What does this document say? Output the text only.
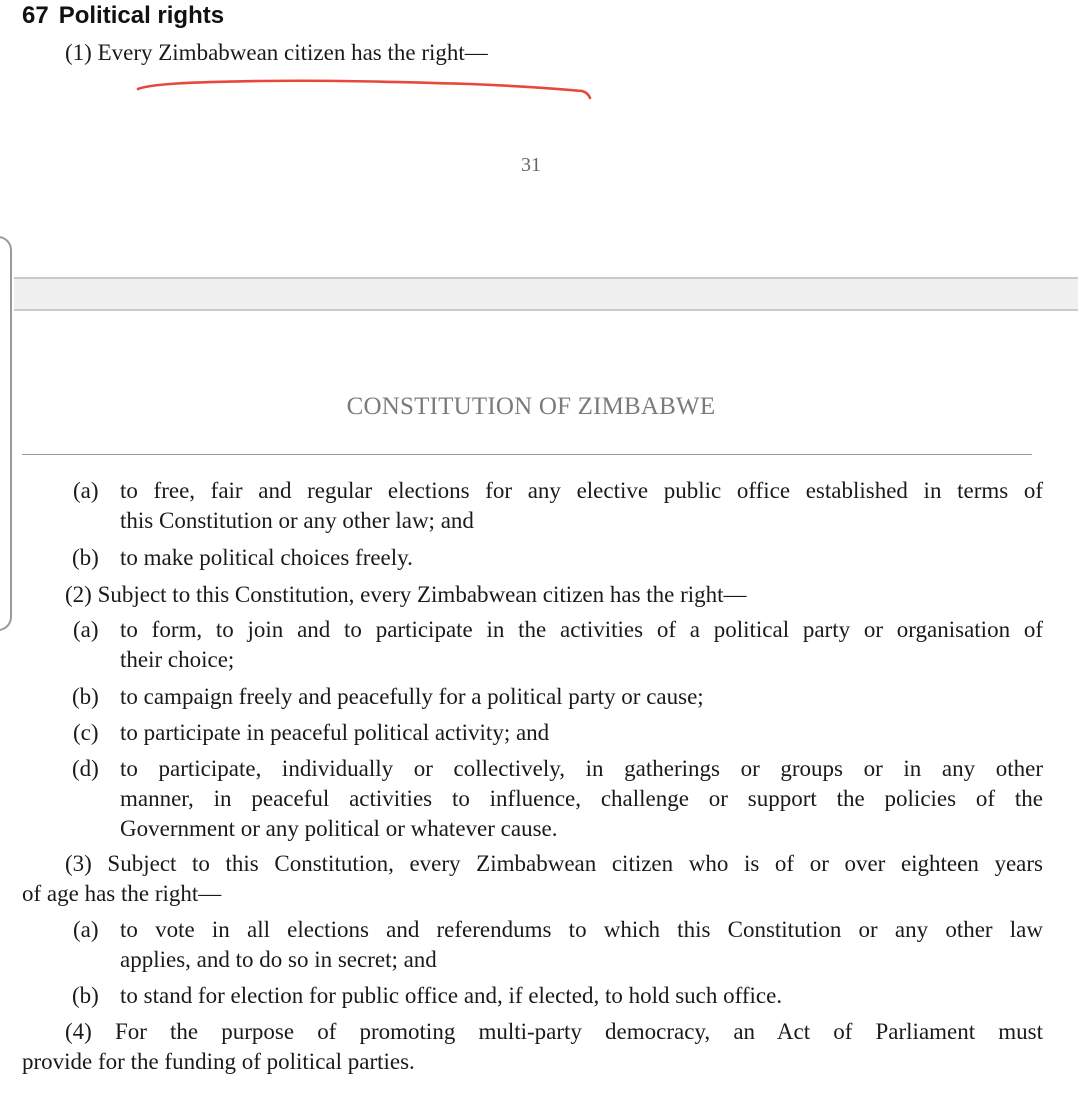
67 Political rights
(1) Every Zimbabwean citizen has the right—
31
CONSTITUTION OF ZIMBABWE
(a) to free, fair and regular elections for any elective public office established in terms of
this Constitution or any other law; and
(b) to make political choices freely.
(2) Subject to this Constitution, every Zimbabwean citizen has the right—
(a) to form, to join and to participate in the activities of a political party or organisation of
their choice;
(b) to campaign freely and peacefully for a political party or cause;
(c) to participate in peaceful political activity; and
(d) to participate, individually or collectively, in gatherings or groups or in any other
manner, in peaceful activities to influence, challenge or support the policies of the
Government or any political or whatever cause.
(3) Subject to this Constitution, every Zimbabwean citizen who is of or over eighteen years
of age has the right—
(a) to vote in all elections and referendums to which this Constitution or any other law
applies, and to do so in secret; and
(b) to stand for election for public office and, if elected, to hold such office.
(4) For the purpose of promoting multi-party democracy, an Act of Parliament must
provide for the funding of political parties.
